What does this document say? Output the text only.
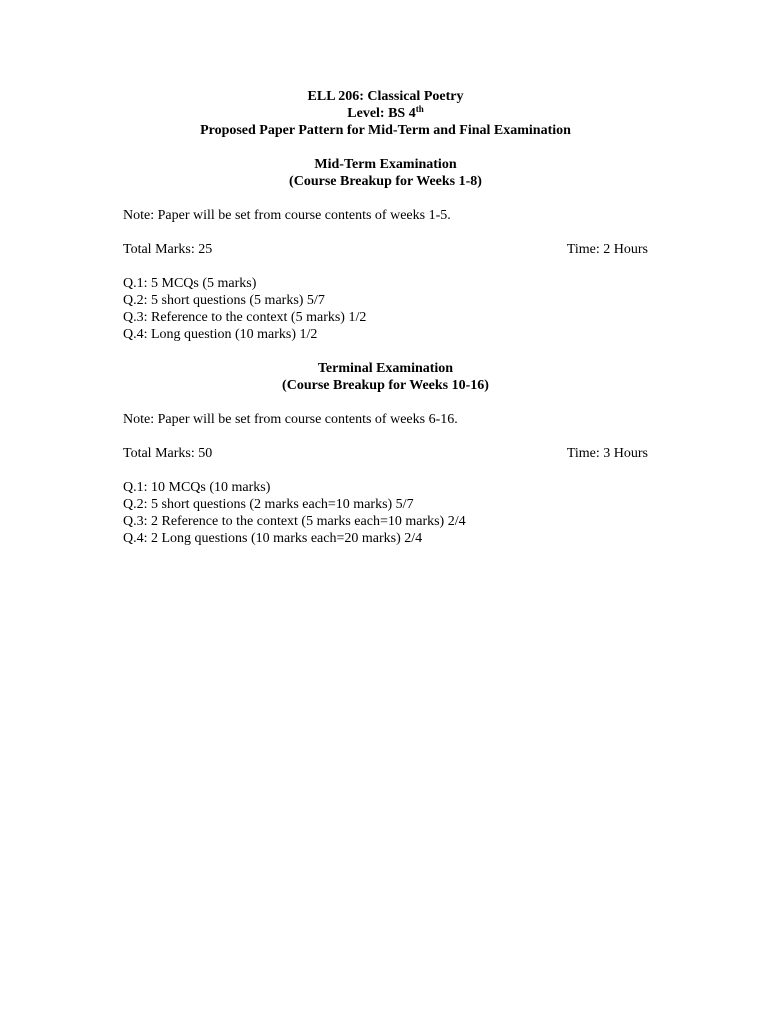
ELL 206: Classical Poetry
Level: BS 4th
Proposed Paper Pattern for Mid-Term and Final Examination
Mid-Term Examination
(Course Breakup for Weeks 1-8)
Note: Paper will be set from course contents of weeks 1-5.
Total Marks: 25	Time: 2 Hours
Q.1: 5 MCQs (5 marks)
Q.2: 5 short questions (5 marks) 5/7
Q.3: Reference to the context (5 marks) 1/2
Q.4: Long question (10 marks) 1/2
Terminal Examination
(Course Breakup for Weeks 10-16)
Note: Paper will be set from course contents of weeks 6-16.
Total Marks: 50	Time: 3 Hours
Q.1: 10 MCQs (10 marks)
Q.2: 5 short questions (2 marks each=10 marks) 5/7
Q.3: 2 Reference to the context (5 marks each=10 marks) 2/4
Q.4: 2 Long questions (10 marks each=20 marks) 2/4
